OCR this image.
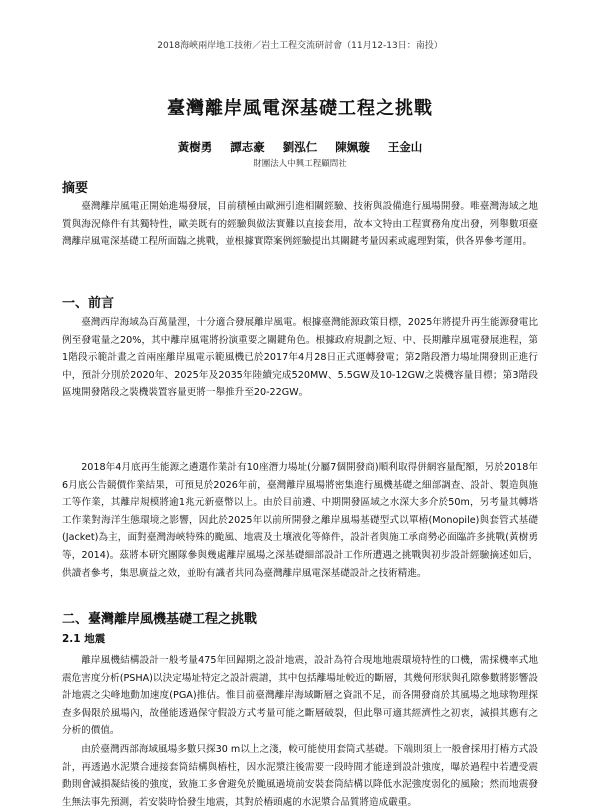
2018海峽兩岸地工技術／岩土工程交流研討會（11月12-13日：南投）
臺灣離岸風電深基礎工程之挑戰
黃樹勇 譚志豪 劉泓仁 陳姵璇 王金山
財團法人中興工程顧問社
摘要

臺灣離岸風電正開始進場發展，目前積極由歐洲引進相關經驗、技術與設備進行風場開發。唯臺灣海域之地質與海況條件有其獨特性，歐美既有的經驗與做法實難以直接套用，故本文特由工程實務角度出發，列舉數項臺灣離岸風電深基礎工程所面臨之挑戰，並根據實際案例經驗提出其關鍵考量因素或處理對策，供各界參考運用。

一、前言

臺灣西岸海域為百萬量浬，十分適合發展離岸風電。根據臺灣能源政策目標，2025年將提升再生能源發電比例至發電量之20%，其中離岸風電將扮演重要之關鍵角色。根據政府規劃之短、中、長期離岸風電發展進程，第1階段示範計畫之首兩座離岸風電示範風機已於2017年4月28日正式運轉發電；第2階段潛力場址開發則正進行中，預計分別於2020年、2025年及2035年陸續完成520MW、5.5GW及10-12GW之裝機容量目標；第3階段區塊開發階段之裝機裝置容量更將一舉推升至20-22GW。

2018年4月底再生能源之遴選作業計有10座潛力場址(分屬7個開發商)順利取得併網容量配額，另於2018年6月底公告競價作業結果，可預見於2026年前，臺灣離岸風場將密集進行風機基礎之細部調查、設計、製造與施工等作業，其離岸規模將逾1兆元新臺幣以上。由於目前遴、中期開發區域之水深大多介於50m，另考量其轉塔工作業對海洋生態環境之影響，因此於2025年以前所開發之離岸風場基礎型式以單樁(Monopile)與套管式基礎(Jacket)為主，面對臺灣海峽特殊的颱風、地震及土壤液化等條件，設計者與施工承商勢必面臨許多挑戰(黃樹勇等，2014)。茲將本研究團隊參與幾處離岸風場之深基礎細部設計工作所遭遇之挑戰與初步設計經驗摘述如后，供讀者參考，集思廣益之效，並盼有識者共同為臺灣離岸風電深基礎設計之技術精進。

二、臺灣離岸風機基礎工程之挑戰
2.1 地震

離岸風機結構設計一般考量475年回歸期之設計地震，設計為符合現地地震環境特性的口機，需採機率式地震危害度分析(PSHA)以決定場址特定之設計震譜，其中包括離場址較近的斷層，其幾何形狀與孔隙參數將影響設計地震之尖峰地動加速度(PGA)推估。惟目前臺灣離岸海域斷層之資訊不足，而各開發商於其風場之地球物理探查多侷限於風場內，故僅能透過保守假設方式考量可能之斷層破裂，但此舉可適其經濟性之初衷，減損其應有之分析的價值。

由於臺灣西部海域風場多數只探30 m以上之淺，較可能使用套筒式基礎。下端則須上一般會採用打樁方式設計，再透過水泥漿合連接套筒結構與樁柱，因水泥漿注後需要一段時間才能達到設計強度，曝於過程中若遭受震動則會減損凝結後的強度，致施工多會避免於颱風過境前安裝套筒結構以降低水泥強度弱化的風險；然而地震發生無法事先預測，若安裝時恰發生地震，其對於樁頭處的水泥漿合品質將造成嚴重。
